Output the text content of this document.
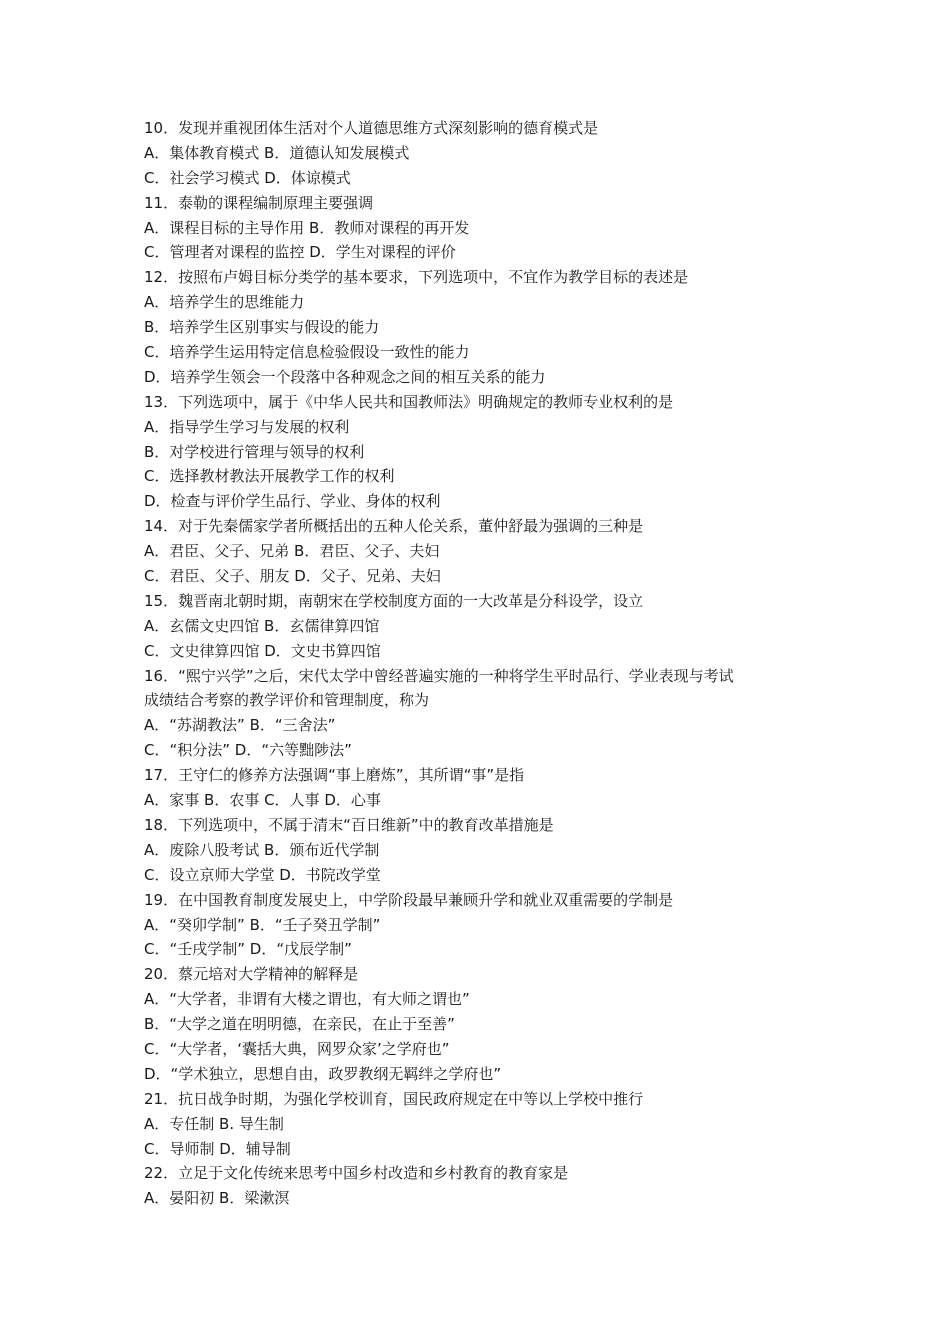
10．发现并重视团体生活对个人道德思维方式深刻影响的德育模式是
A．集体教育模式 B．道德认知发展模式
C．社会学习模式 D．体谅模式
11．泰勒的课程编制原理主要强调
A．课程目标的主导作用 B．教师对课程的再开发
C．管理者对课程的监控 D．学生对课程的评价
12．按照布卢姆目标分类学的基本要求，下列选项中，不宜作为教学目标的表述是
A．培养学生的思维能力
B．培养学生区别事实与假设的能力
C．培养学生运用特定信息检验假设一致性的能力
D．培养学生领会一个段落中各种观念之间的相互关系的能力
13．下列选项中，属于《中华人民共和国教师法》明确规定的教师专业权利的是
A．指导学生学习与发展的权利
B．对学校进行管理与领导的权利
C．选择教材教法开展教学工作的权利
D．检查与评价学生品行、学业、身体的权利
14．对于先秦儒家学者所概括出的五种人伦关系，董仲舒最为强调的三种是
A．君臣、父子、兄弟 B．君臣、父子、夫妇
C．君臣、父子、朋友 D．父子、兄弟、夫妇
15．魏晋南北朝时期，南朝宋在学校制度方面的一大改革是分科设学，设立
A．玄儒文史四馆 B．玄儒律算四馆
C．文史律算四馆 D．文史书算四馆
16．“熙宁兴学”之后，宋代太学中曾经普遍实施的一种将学生平时品行、学业表现与考试
成绩结合考察的教学评价和管理制度，称为
A．“苏湖教法” B．“三舍法”
C．“积分法” D．“六等黜陟法”
17．王守仁的修养方法强调“事上磨炼”，其所谓“事”是指
A．家事 B．农事 C．人事 D．心事
18．下列选项中，不属于清末“百日维新”中的教育改革措施是
A．废除八股考试 B．颁布近代学制
C．设立京师大学堂 D．书院改学堂
19．在中国教育制度发展史上，中学阶段最早兼顾升学和就业双重需要的学制是
A．“癸卯学制” B．“壬子癸丑学制”
C．“壬戌学制” D．“戊辰学制”
20．蔡元培对大学精神的解释是
A．“大学者，非谓有大楼之谓也，有大师之谓也”
B．“大学之道在明明德，在亲民，在止于至善”
C．“大学者，‘囊括大典，网罗众家’之学府也”
D．“学术独立，思想自由，政罗教纲无羁绊之学府也”
21．抗日战争时期，为强化学校训育，国民政府规定在中等以上学校中推行
A．专任制 B. 导生制
C．导师制 D．辅导制
22．立足于文化传统来思考中国乡村改造和乡村教育的教育家是
A．晏阳初 B．梁漱溟
